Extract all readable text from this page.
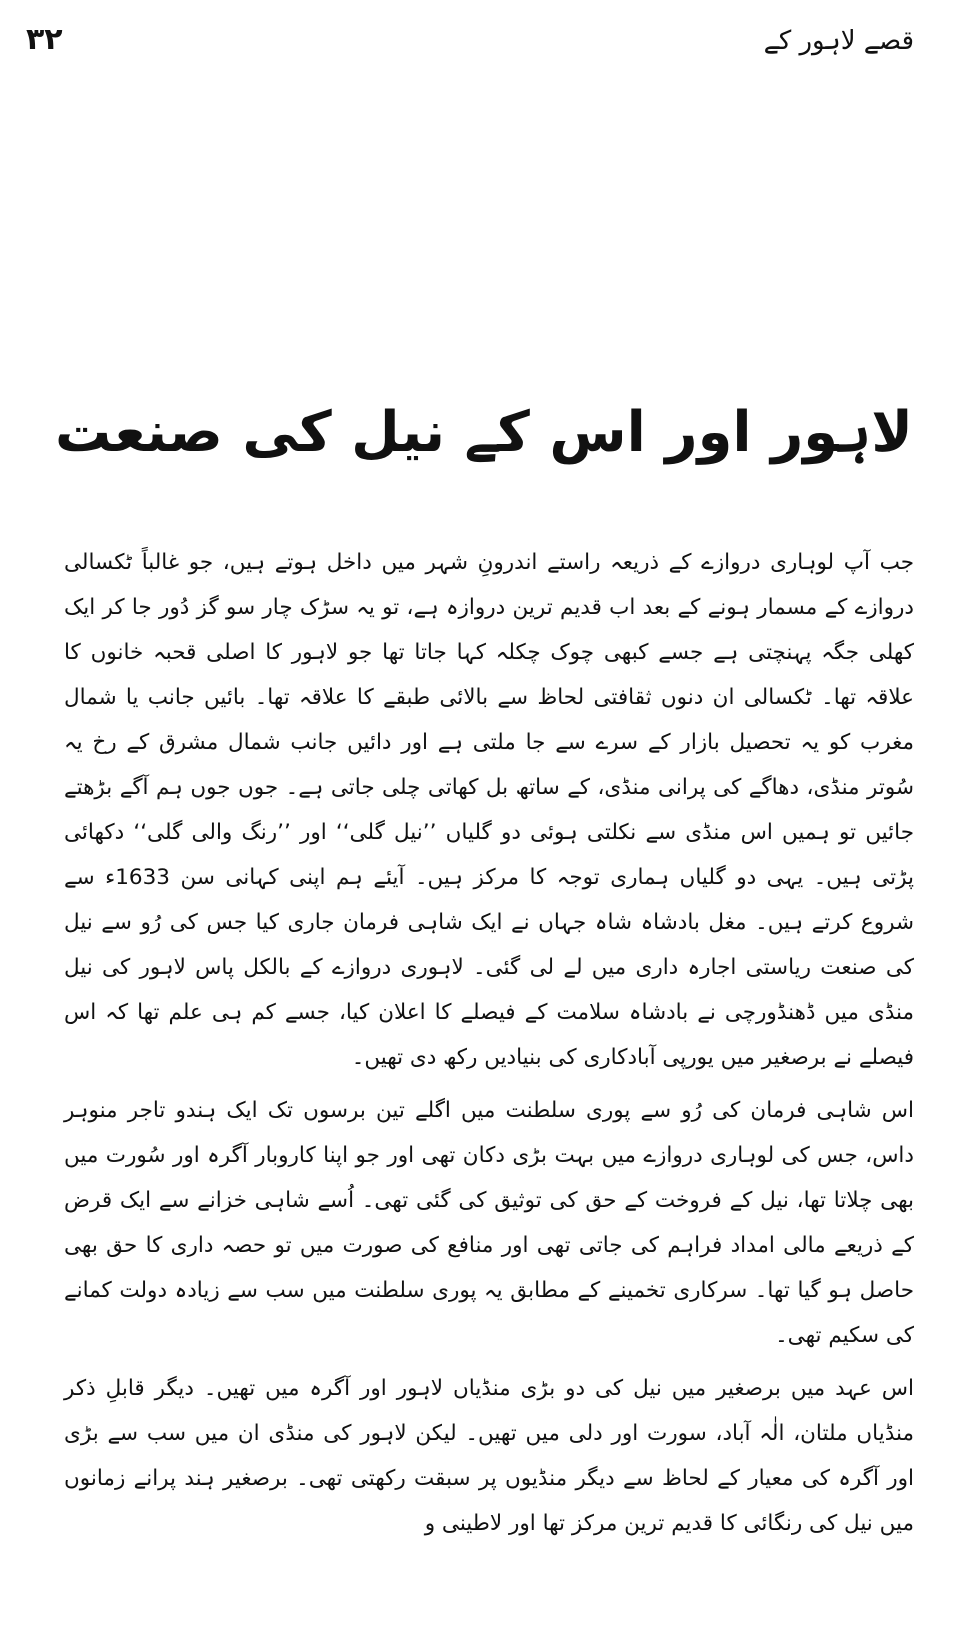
قصے لاہور کے
۳۲
لاہور اور اس کے نیل کی صنعت

جب آپ لوہاری دروازے کے ذریعہ راستے اندرونِ شہر میں داخل ہوتے ہیں، جو غالباً ٹکسالی دروازے کے مسمار ہونے کے بعد اب قدیم ترین دروازہ ہے، تو یہ سڑک چار سو گز دُور جا کر ایک کھلی جگہ پہنچتی ہے جسے کبھی چوک چکلہ کہا جاتا تھا جو لاہور کا اصلی قحبہ خانوں کا علاقہ تھا۔ ٹکسالی ان دنوں ثقافتی لحاظ سے بالائی طبقے کا علاقہ تھا۔ بائیں جانب یا شمال مغرب کو یہ تحصیل بازار کے سرے سے جا ملتی ہے اور دائیں جانب شمال مشرق کے رخ یہ سُوتر منڈی، دھاگے کی پرانی منڈی، کے ساتھ بل کھاتی چلی جاتی ہے۔ جوں جوں ہم آگے بڑھتے جائیں تو ہمیں اس منڈی سے نکلتی ہوئی دو گلیاں ’’نیل گلی‘‘ اور ’’رنگ والی گلی‘‘ دکھائی پڑتی ہیں۔ یہی دو گلیاں ہماری توجہ کا مرکز ہیں۔ آیئے ہم اپنی کہانی سن 1633ء سے شروع کرتے ہیں۔ مغل بادشاہ شاہ جہاں نے ایک شاہی فرمان جاری کیا جس کی رُو سے نیل کی صنعت ریاستی اجارہ داری میں لے لی گئی۔ لاہوری دروازے کے بالکل پاس لاہور کی نیل منڈی میں ڈھنڈورچی نے بادشاہ سلامت کے فیصلے کا اعلان کیا، جسے کم ہی علم تھا کہ اس فیصلے نے برصغیر میں یورپی آبادکاری کی بنیادیں رکھ دی تھیں۔

اس شاہی فرمان کی رُو سے پوری سلطنت میں اگلے تین برسوں تک ایک ہندو تاجر منوہر داس، جس کی لوہاری دروازے میں بہت بڑی دکان تھی اور جو اپنا کاروبار آگرہ اور سُورت میں بھی چلاتا تھا، نیل کے فروخت کے حق کی توثیق کی گئی تھی۔ اُسے شاہی خزانے سے ایک قرض کے ذریعے مالی امداد فراہم کی جاتی تھی اور منافع کی صورت میں تو حصہ داری کا حق بھی حاصل ہو گیا تھا۔ سرکاری تخمینے کے مطابق یہ پوری سلطنت میں سب سے زیادہ دولت کمانے کی سکیم تھی۔

اس عہد میں برصغیر میں نیل کی دو بڑی منڈیاں لاہور اور آگرہ میں تھیں۔ دیگر قابلِ ذکر منڈیاں ملتان، الٰہ آباد، سورت اور دلی میں تھیں۔ لیکن لاہور کی منڈی ان میں سب سے بڑی اور آگرہ کی معیار کے لحاظ سے دیگر منڈیوں پر سبقت رکھتی تھی۔ برصغیر ہند پرانے زمانوں میں نیل کی رنگائی کا قدیم ترین مرکز تھا اور لاطینی و
